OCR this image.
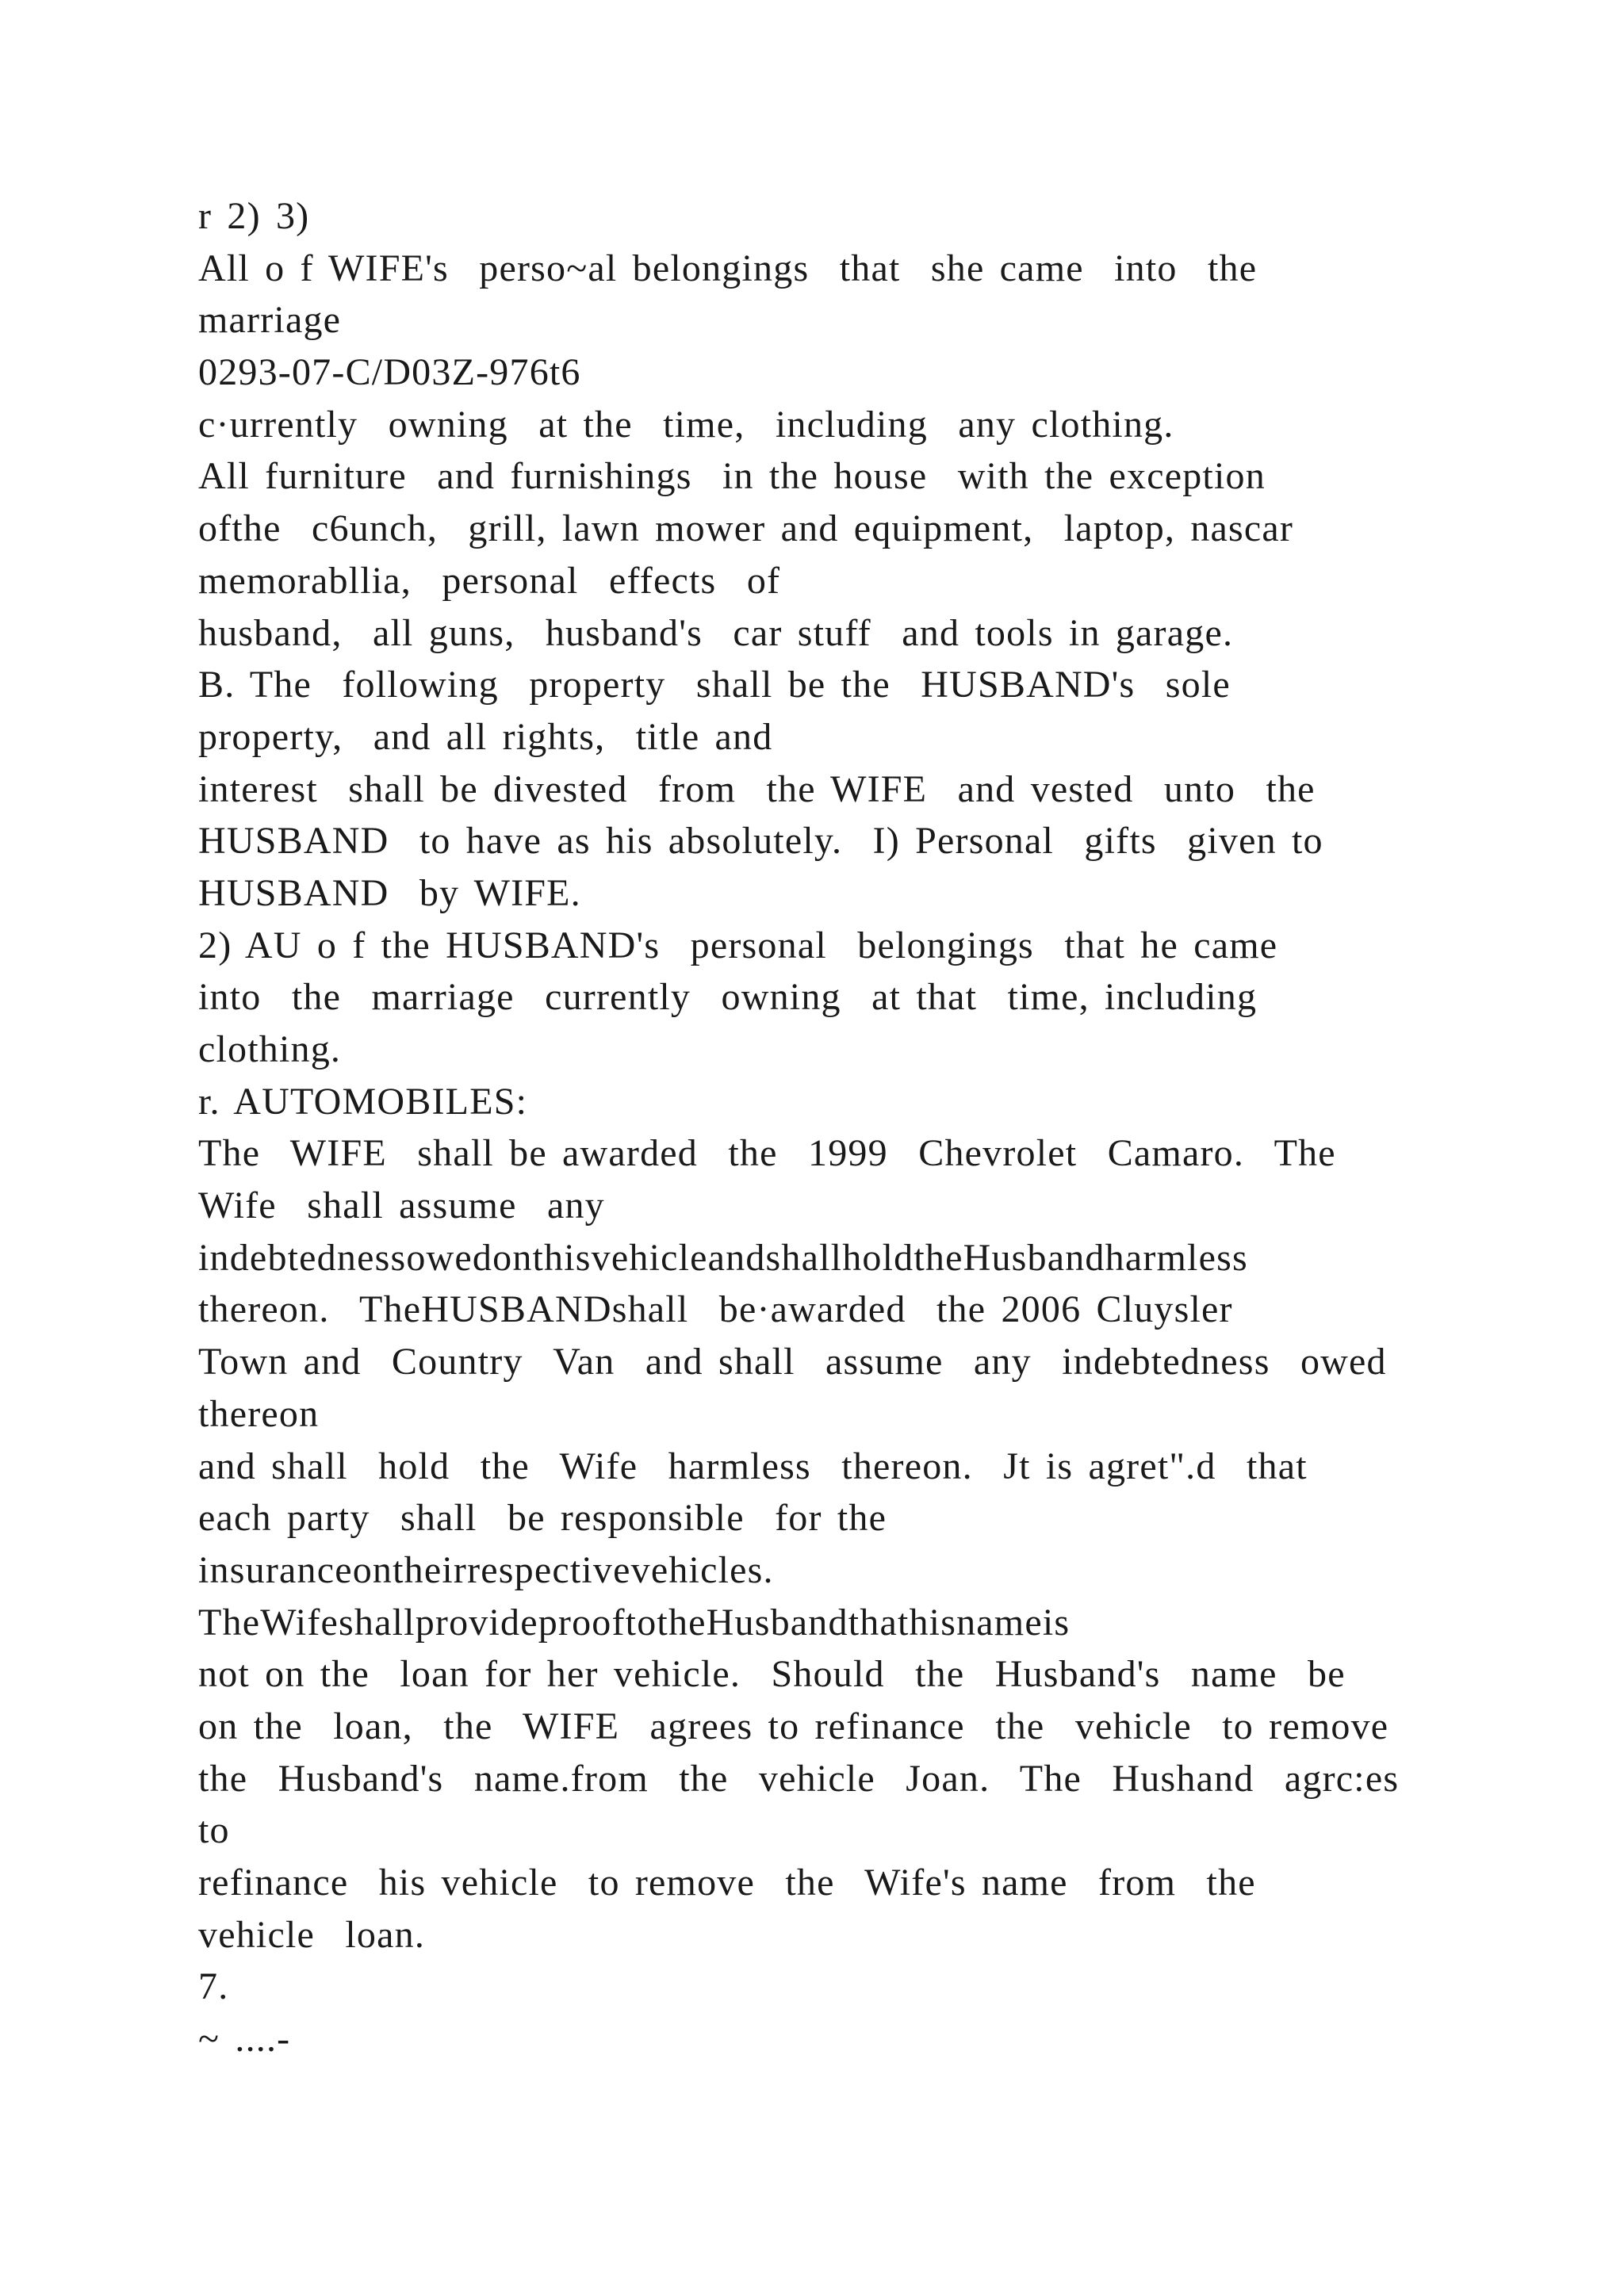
r 2) 3)
All o f WIFE's  perso~al belongings  that  she came  into  the
marriage
0293-07-C/D03Z-976t6
c·urrently  owning  at the  time,  including  any clothing.
All furniture  and furnishings  in the house  with the exception
ofthe  c6unch,  grill, lawn mower and equipment,  laptop, nascar
memorabllia,  personal  effects  of
husband,  all guns,  husband's  car stuff  and tools in garage.
B. The  following  property  shall be the  HUSBAND's  sole
property,  and all rights,  title and
interest  shall be divested  from  the WIFE  and vested  unto  the
HUSBAND  to have as his absolutely.  I) Personal  gifts  given to
HUSBAND  by WIFE.
2) AU o f the HUSBAND's  personal  belongings  that he came
into  the  marriage  currently  owning  at that  time, including
clothing.
r. AUTOMOBILES:
The  WIFE  shall be awarded  the  1999  Chevrolet  Camaro.  The
Wife  shall assume  any
indebtednessowedonthisvehicleandshallholdtheHusbandharmless
thereon.  TheHUSBANDshall  be·awarded  the 2006 Cluysler
Town and  Country  Van  and shall  assume  any  indebtedness  owed
thereon
and shall  hold  the  Wife  harmless  thereon.  Jt is agret".d  that
each party  shall  be responsible  for the
insuranceontheirrespectivevehicles.
TheWifeshallprovideprooftotheHusbandthathisnameis
not on the  loan for her vehicle.  Should  the  Husband's  name  be
on the  loan,  the  WIFE  agrees to refinance  the  vehicle  to remove
the  Husband's  name.from  the  vehicle  Joan.  The  Hushand  agrc:es
to
refinance  his vehicle  to remove  the  Wife's name  from  the
vehicle  loan.
7.
~ ....-
